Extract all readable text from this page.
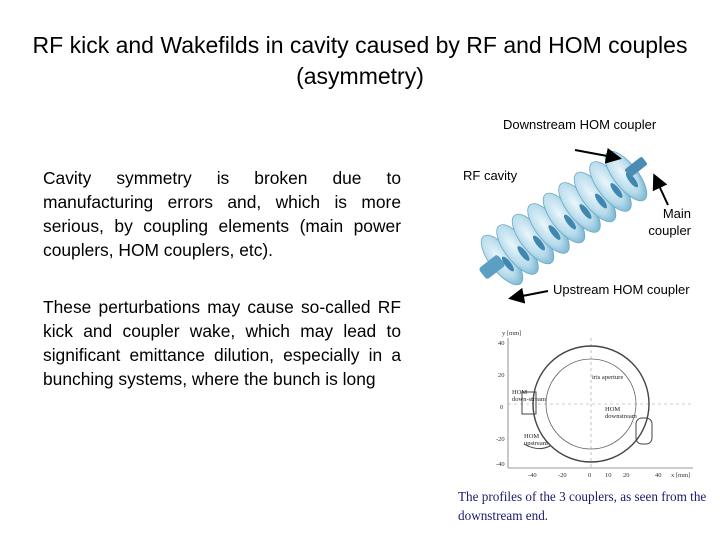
RF kick and Wakefilds in cavity caused by RF and HOM couples (asymmetry)
Cavity symmetry is broken due to manufacturing errors and, which is more serious, by coupling elements (main power couplers, HOM couplers, etc).
These perturbations may cause so-called RF kick and coupler wake, which may lead to significant emittance dilution, especially in a bunching systems, where the bunch is long
Downstream HOM coupler
RF cavity
Main coupler
Upstream HOM coupler
y [mm]
x [mm]
40
20
0
-20
-40
-40	-20	0 10 20	40
iris aperture
HOM
down-stream
HOM
downstream
HOM
upstream
The profiles of the 3 couplers, as seen from the downstream end.
